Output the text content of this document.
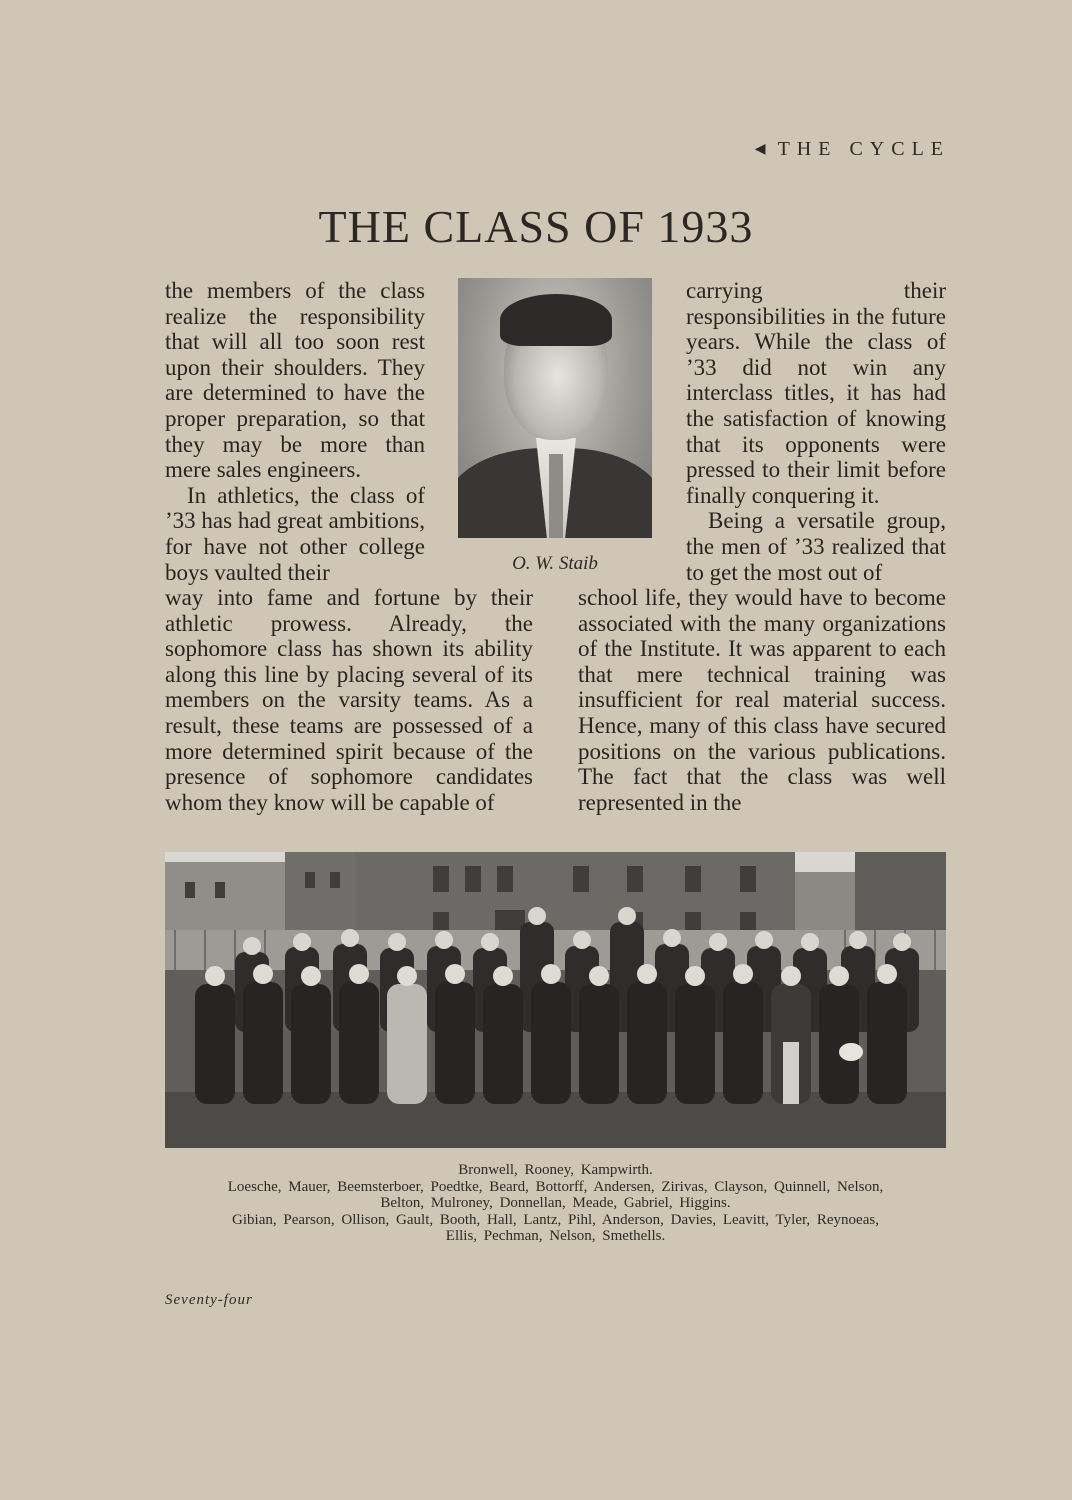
◀ THE CYCLE
THE CLASS OF 1933

the members of the class realize the responsibility that will all too soon rest upon their shoulders. They are determined to have the proper preparation, so that they may be more than mere sales engineers.

In athletics, the class of ’33 has had great ambitions, for have not other college boys vaulted their	O. W. Staib

carrying their responsibilities in the future years. While the class of ’33 did not win any interclass titles, it has had the satisfaction of knowing that its opponents were pressed to their limit before finally conquering it.

Being a versatile group, the men of ’33 realized that to get the most out of

way into fame and fortune by their athletic prowess. Already, the sophomore class has shown its ability along this line by placing several of its members on the varsity teams. As a result, these teams are possessed of a more determined spirit because of the presence of sophomore candidates whom they know will be capable of

school life, they would have to become associated with the many organizations of the Institute. It was apparent to each that mere technical training was insufficient for real material success. Hence, many of this class have secured positions on the various publications. The fact that the class was well represented in the

Bronwell, Rooney, Kampwirth.
Loesche, Mauer, Beemsterboer, Poedtke, Beard, Bottorff, Andersen, Zirivas, Clayson, Quinnell, Nelson,
Belton, Mulroney, Donnellan, Meade, Gabriel, Higgins.
Gibian, Pearson, Ollison, Gault, Booth, Hall, Lantz, Pihl, Anderson, Davies, Leavitt, Tyler, Reynoeas,
Ellis, Pechman, Nelson, Smethells.
Seventy-four
